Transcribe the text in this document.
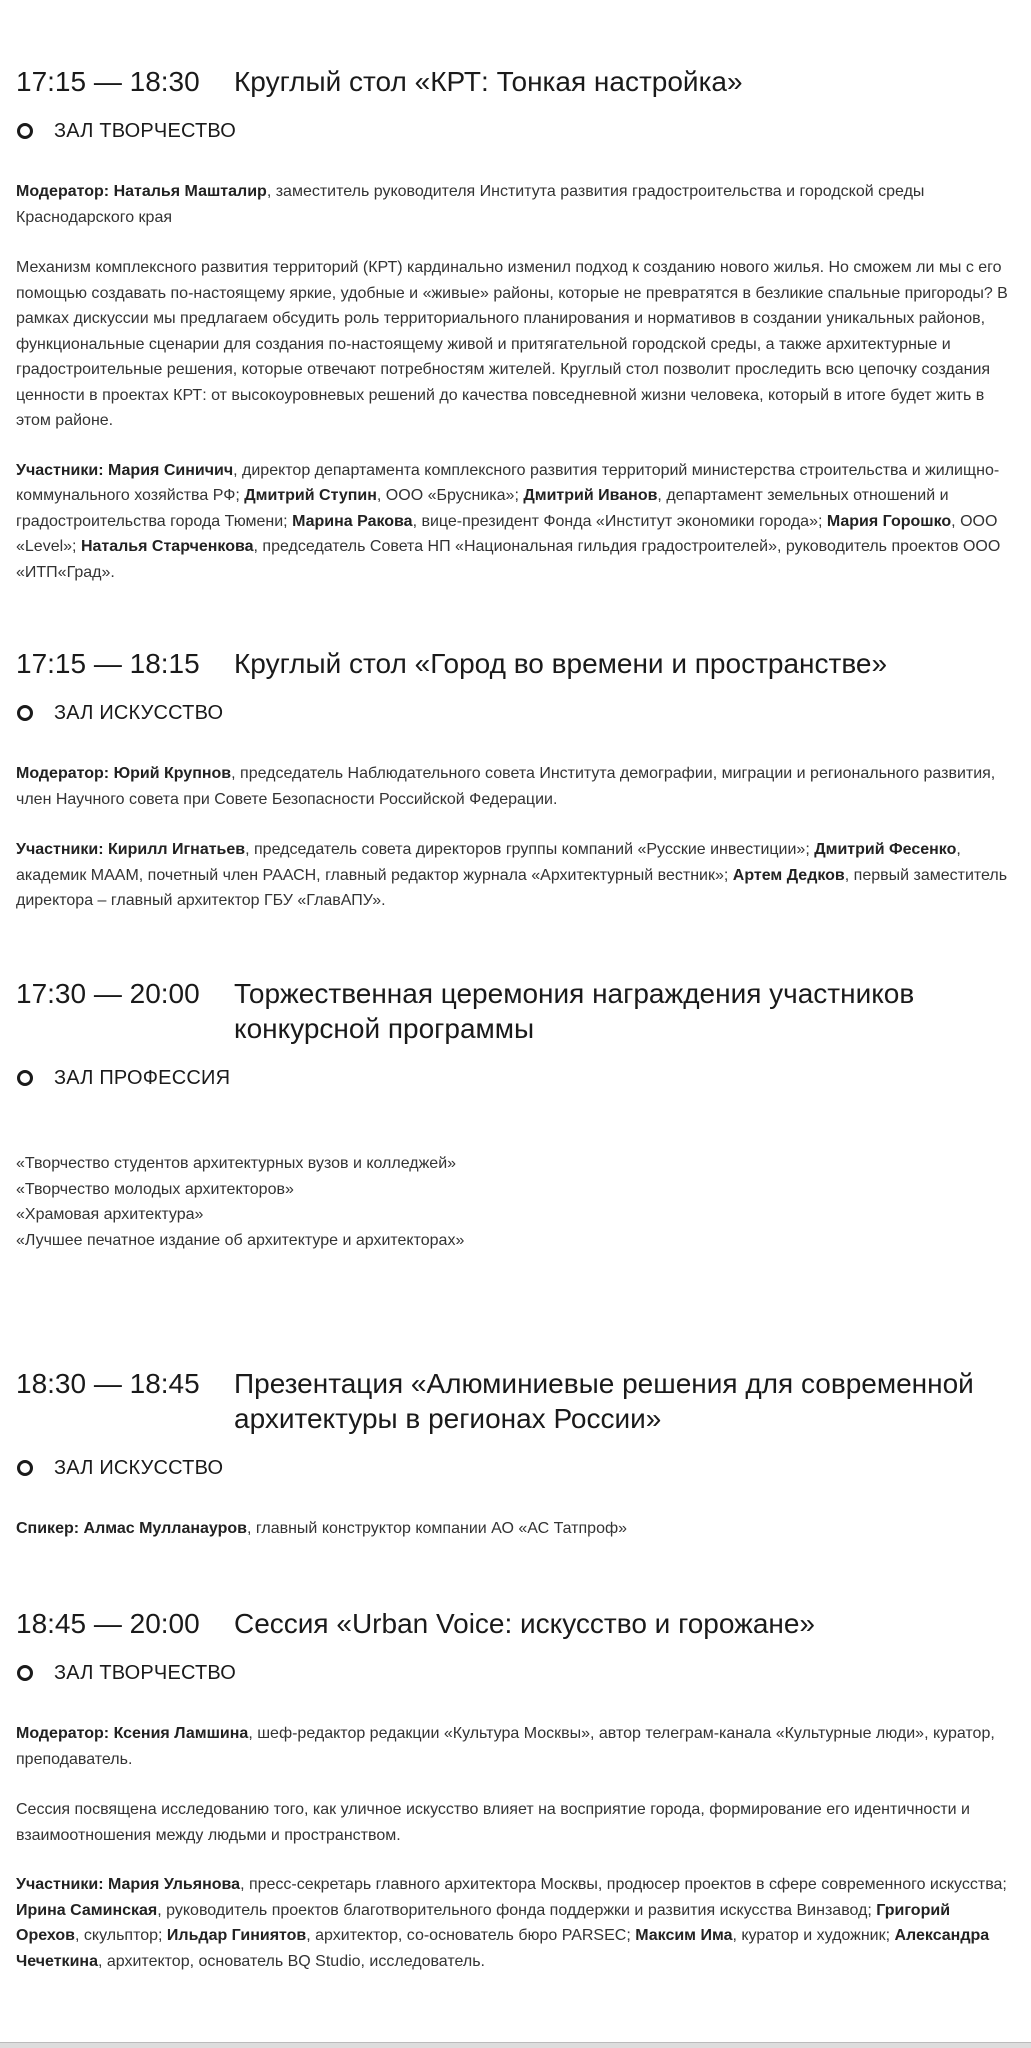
17:15 — 18:30	Круглый стол «КРТ: Тонкая настройка»
ЗАЛ ТВОРЧЕСТВО

Модератор: Наталья Машталир, заместитель руководителя Института развития градостроительства и городской среды Краснодарского края

Механизм комплексного развития территорий (КРТ) кардинально изменил подход к созданию нового жилья. Но сможем ли мы с его помощью создавать по-настоящему яркие, удобные и «живые» районы, которые не превратятся в безликие спальные пригороды? В рамках дискуссии мы предлагаем обсудить роль территориального планирования и нормативов в создании уникальных районов, функциональные сценарии для создания по-настоящему живой и притягательной городской среды, а также архитектурные и градостроительные решения, которые отвечают потребностям жителей. Круглый стол позволит проследить всю цепочку создания ценности в проектах КРТ: от высокоуровневых решений до качества повседневной жизни человека, который в итоге будет жить в этом районе.

Участники: Мария Синичич, директор департамента комплексного развития территорий министерства строительства и жилищно-коммунального хозяйства РФ; Дмитрий Ступин, ООО «Брусника»; Дмитрий Иванов, департамент земельных отношений и градостроительства города Тюмени; Марина Ракова, вице-президент Фонда «Институт экономики города»; Мария Горошко, ООО «Level»; Наталья Старченкова, председатель Совета НП «Национальная гильдия градостроителей», руководитель проектов ООО «ИТП«Град».

17:15 — 18:15	Круглый стол «Город во времени и пространстве»
ЗАЛ ИСКУССТВО

Модератор: Юрий Крупнов, председатель Наблюдательного совета Института демографии, миграции и регионального развития, член Научного совета при Совете Безопасности Российской Федерации.

Участники: Кирилл Игнатьев, председатель совета директоров группы компаний «Русские инвестиции»; Дмитрий Фесенко, академик МААМ, почетный член РААСН, главный редактор журнала «Архитектурный вестник»; Артем Дедков, первый заместитель директора – главный архитектор ГБУ «ГлавАПУ».

17:30 — 20:00	Торжественная церемония награждения участников конкурсной программы
ЗАЛ ПРОФЕССИЯ

«Творчество студентов архитектурных вузов и колледжей»

«Творчество молодых архитекторов»

«Храмовая архитектура»

«Лучшее печатное издание об архитектуре и архитекторах»

18:30 — 18:45	Презентация «Алюминиевые решения для современной архитектуры в регионах России»
ЗАЛ ИСКУССТВО

Спикер: Алмас Мулланауров, главный конструктор компании АО «АС Татпроф»

18:45 — 20:00	Сессия «Urban Voice: искусство и горожане»
ЗАЛ ТВОРЧЕСТВО

Модератор: Ксения Ламшина, шеф-редактор редакции «Культура Москвы», автор телеграм-канала «Культурные люди», куратор, преподаватель.

Сессия посвящена исследованию того, как уличное искусство влияет на восприятие города, формирование его идентичности и взаимоотношения между людьми и пространством.

Участники: Мария Ульянова, пресс-секретарь главного архитектора Москвы, продюсер проектов в сфере современного искусства; Ирина Саминская, руководитель проектов благотворительного фонда поддержки и развития искусства Винзавод; Григорий Орехов, скульптор; Ильдар Гиниятов, архитектор, со-основатель бюро PARSEC; Максим Има, куратор и художник; Александра Чечеткина, архитектор, основатель BQ Studio, исследователь.
